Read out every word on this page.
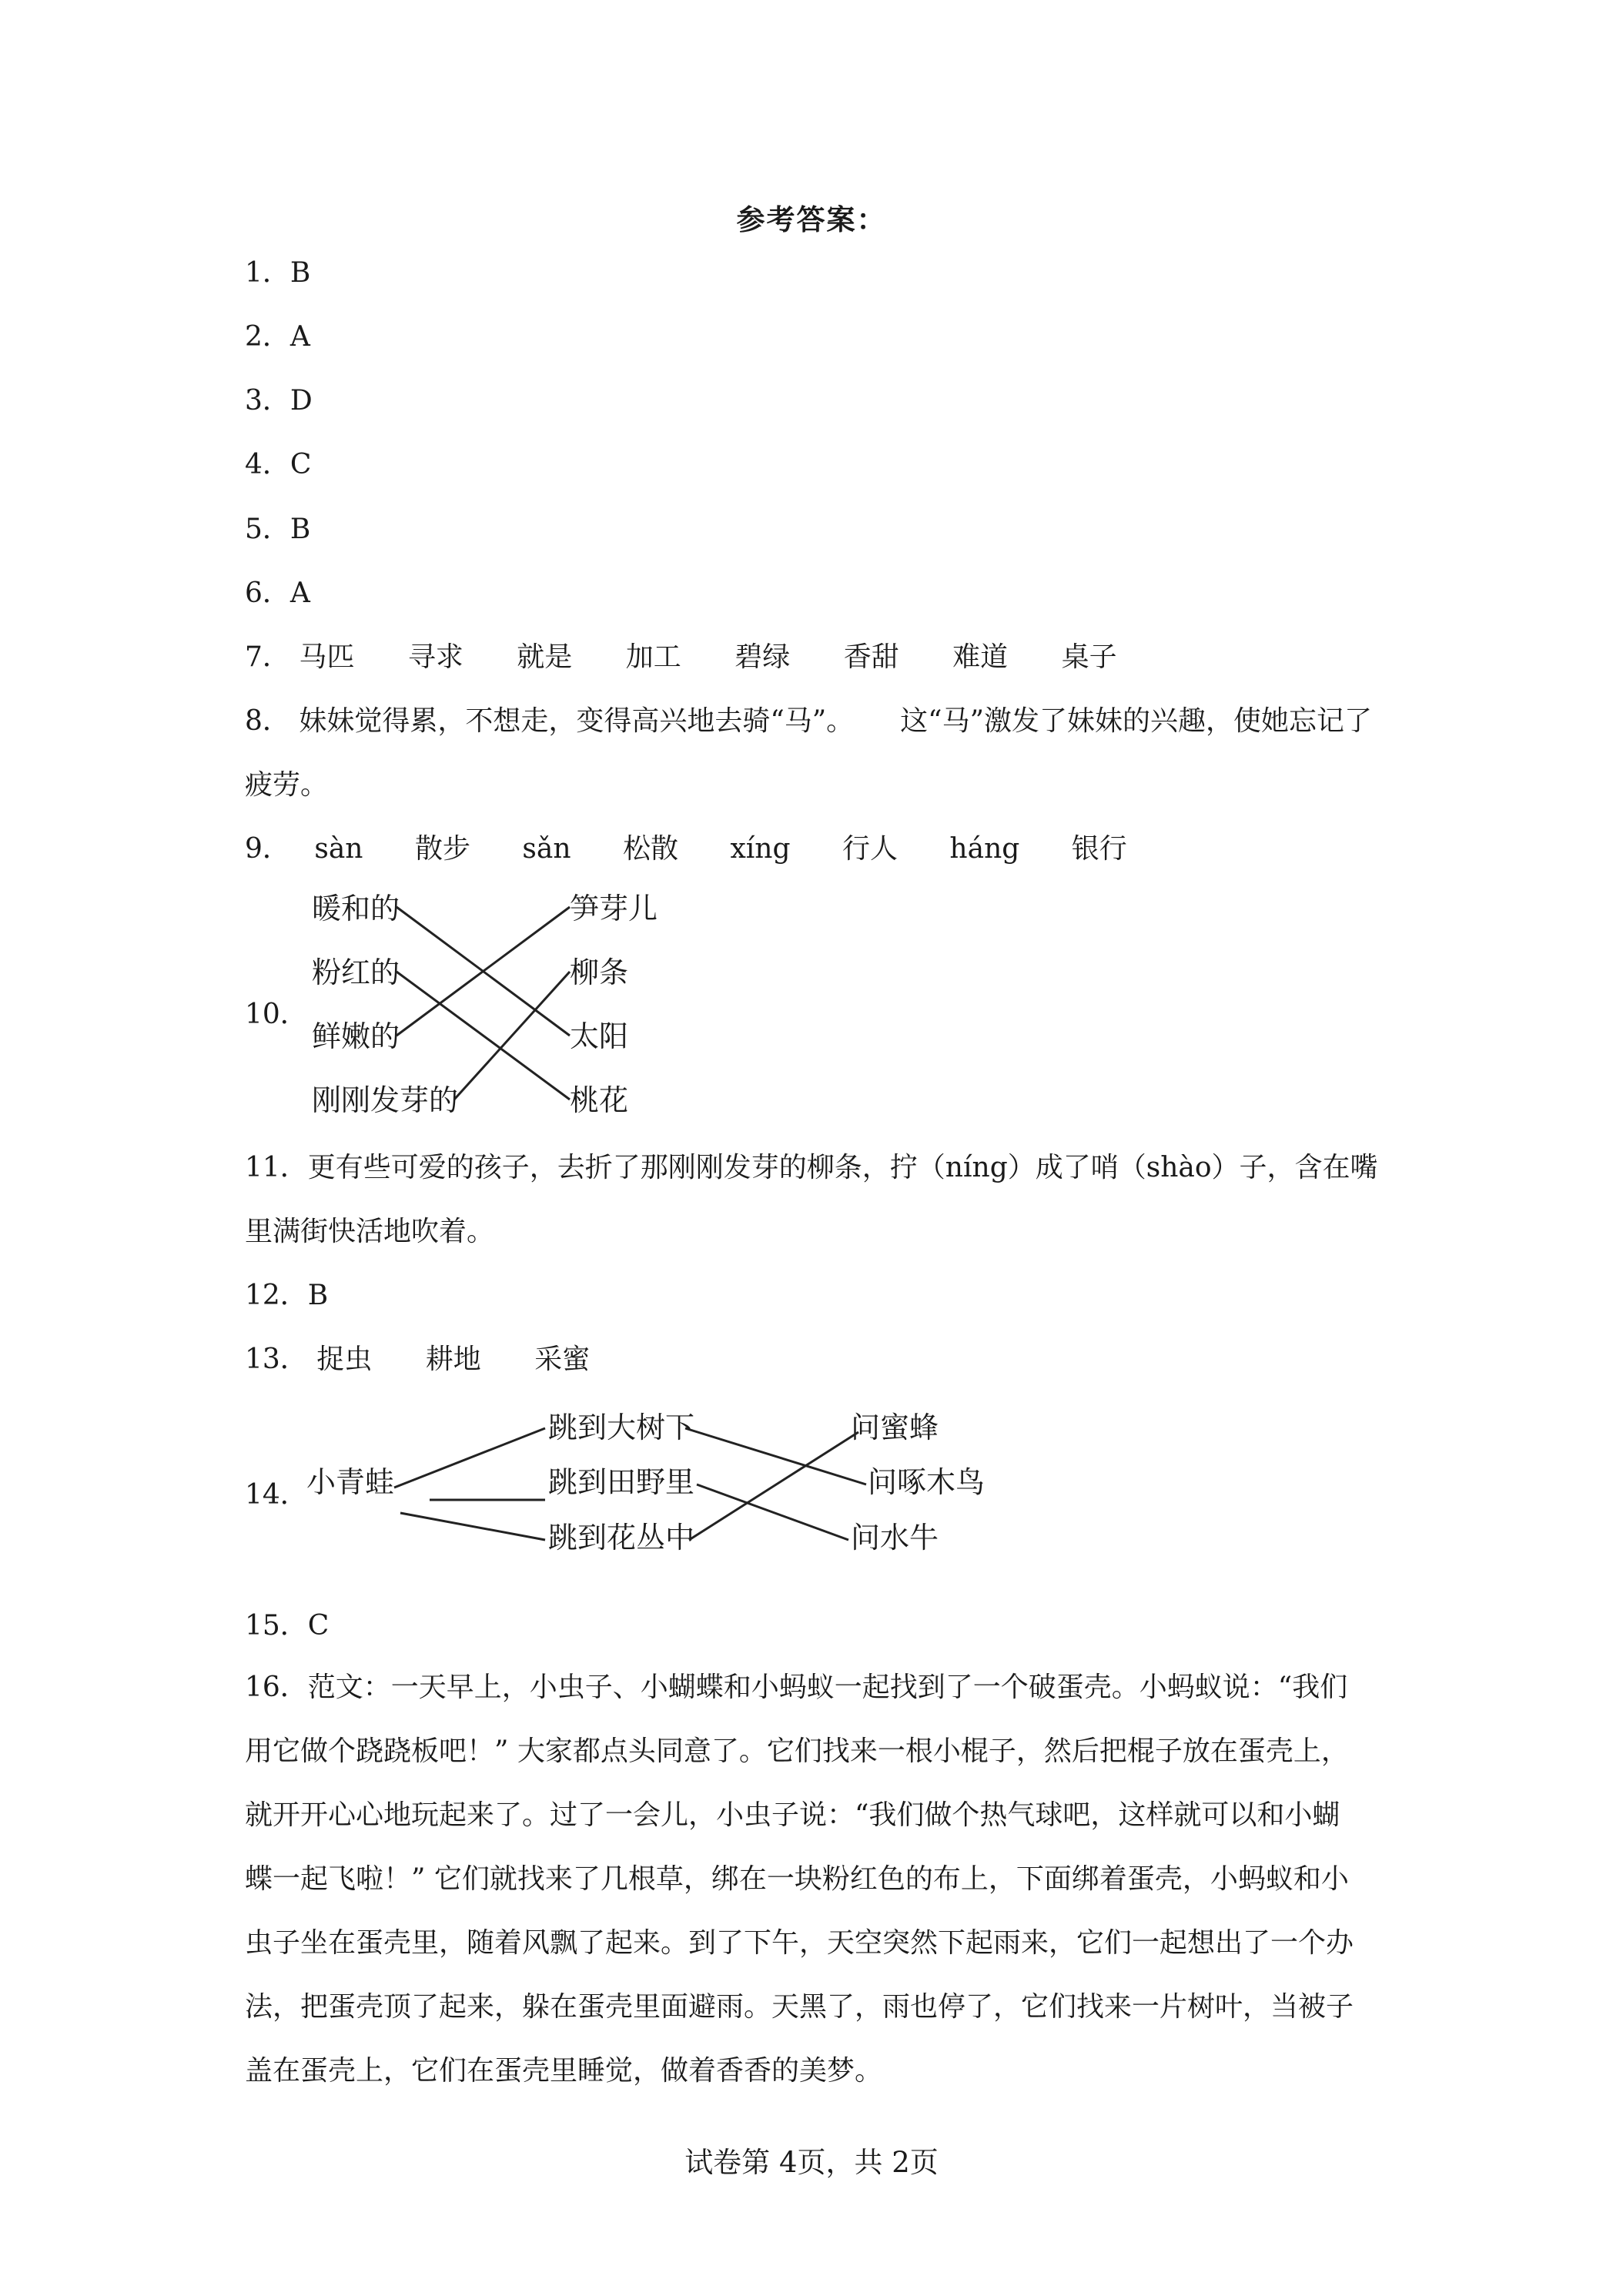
参考答案：
1．B
2．A
3．D
4．C
5．B
6．A
7． 马匹 寻求 就是 加工 碧绿 香甜 难道 桌子
8． 妹妹觉得累，不想走，变得高兴地去骑“马”。 这“马”激发了妹妹的兴趣，使她忘记了
疲劳。
9． sàn 散步 sǎn 松散 xíng 行人 háng 银行
10．
暖和的
粉红的
鲜嫩的
刚刚发芽的
笋芽儿
柳条
太阳
桃花

11．更有些可爱的孩子，去折了那刚刚发芽的柳条，拧（níng）成了哨（shào）子，含在嘴

里满街快活地吹着。

12．B
13． 捉虫 耕地 采蜜
14．
小青蛙
跳到大树下
跳到田野里
跳到花丛中
问蜜蜂
问啄木鸟
问水牛
15．C

16．范文：一天早上，小虫子、小蝴蝶和小蚂蚁一起找到了一个破蛋壳。小蚂蚁说：“我们

用它做个跷跷板吧！” 大家都点头同意了。它们找来一根小棍子，然后把棍子放在蛋壳上，

就开开心心地玩起来了。过了一会儿，小虫子说：“我们做个热气球吧，这样就可以和小蝴

蝶一起飞啦！” 它们就找来了几根草，绑在一块粉红色的布上，下面绑着蛋壳，小蚂蚁和小

虫子坐在蛋壳里，随着风飘了起来。到了下午，天空突然下起雨来，它们一起想出了一个办

法，把蛋壳顶了起来，躲在蛋壳里面避雨。天黑了，雨也停了，它们找来一片树叶，当被子

盖在蛋壳上，它们在蛋壳里睡觉，做着香香的美梦。

试卷第 4页，共 2页
